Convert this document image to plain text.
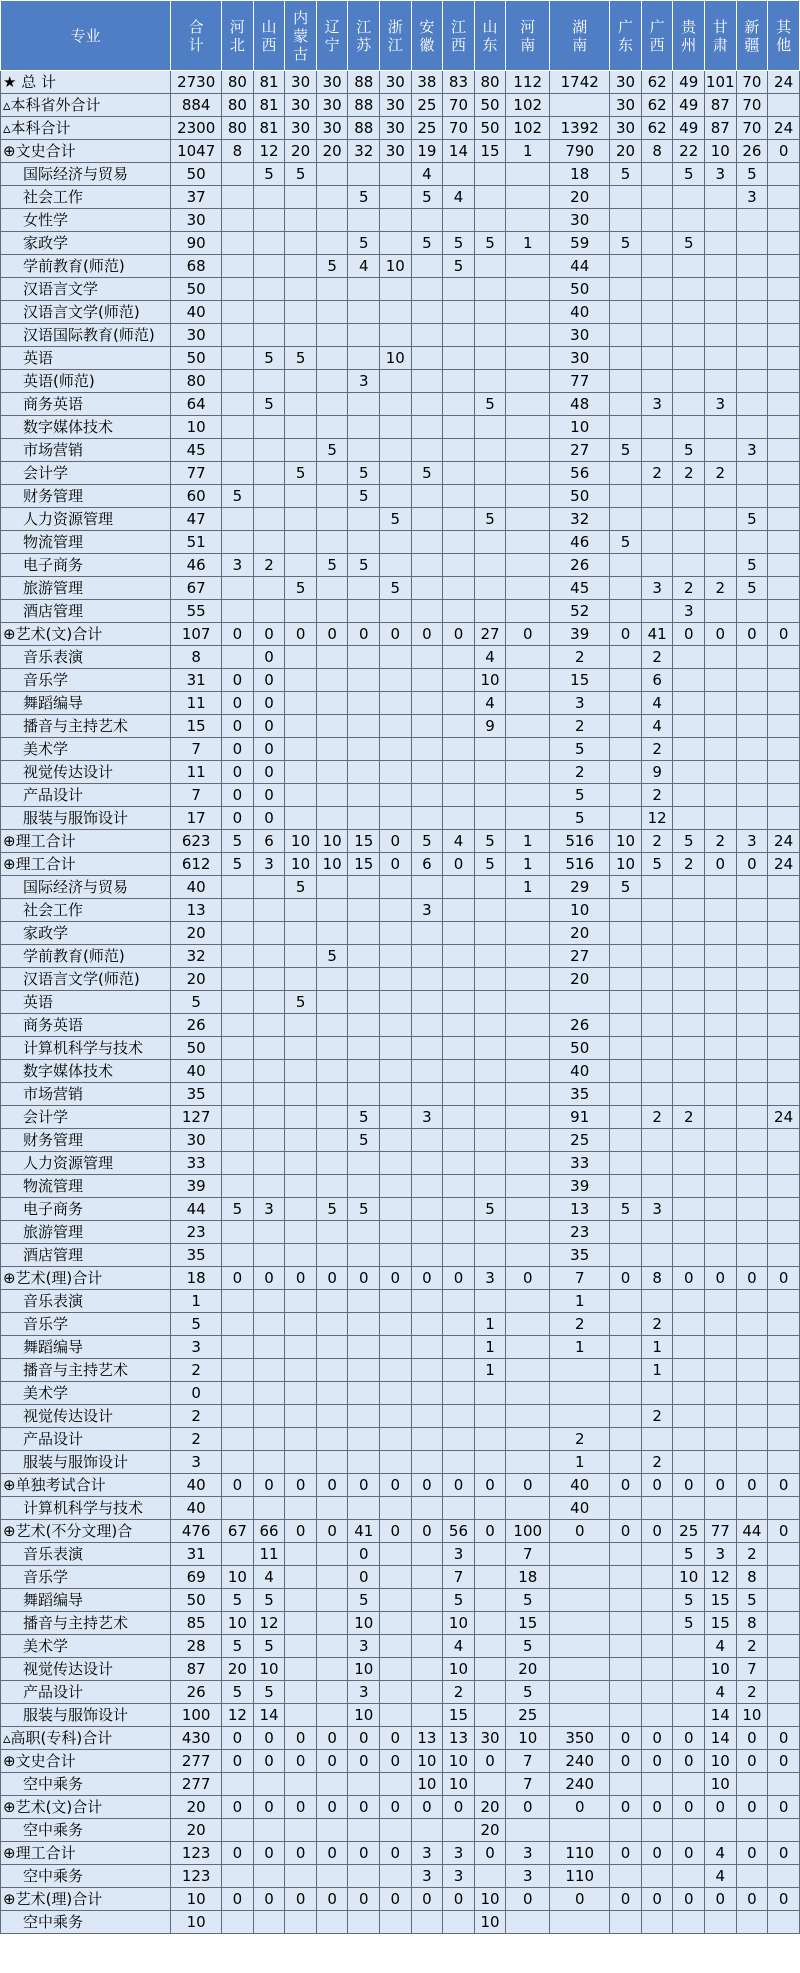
专业	合计	河北	山西	内蒙古	辽宁	江苏	浙江	安徽	江西	山东	河南	湖南	广东	广西	贵州	甘肃	新疆	其他
★ 总 计	2730	80	81	30	30	88	30	38	83	80	112	1742	30	62	49	101	70	24
▵本科省外合计	884	80	81	30	30	88	30	25	70	50	102		30	62	49	87	70	
▵本科合计	2300	80	81	30	30	88	30	25	70	50	102	1392	30	62	49	87	70	24
⊕文史合计	1047	8	12	20	20	32	30	19	14	15	1	790	20	8	22	10	26	0
国际经济与贸易	50		5	5				4				18	5		5	3	5	
社会工作	37					5		5	4			20					3	
女性学	30											30						
家政学	90					5		5	5	5	1	59	5		5			
学前教育(师范)	68				5	4	10		5			44						
汉语言文学	50											50						
汉语言文学(师范)	40											40						
汉语国际教育(师范)	30											30						
英语	50		5	5			10					30						
英语(师范)	80					3						77						
商务英语	64		5							5		48		3		3		
数字媒体技术	10											10						
市场营销	45				5							27	5		5		3	
会计学	77			5		5		5				56		2	2	2		
财务管理	60	5				5						50						
人力资源管理	47						5			5		32					5	
物流管理	51											46	5					
电子商务	46	3	2		5	5						26					5	
旅游管理	67			5			5					45		3	2	2	5	
酒店管理	55											52			3			
⊕艺术(文)合计	107	0	0	0	0	0	0	0	0	27	0	39	0	41	0	0	0	0
音乐表演	8		0							4		2		2				
音乐学	31	0	0							10		15		6				
舞蹈编导	11	0	0							4		3		4				
播音与主持艺术	15	0	0							9		2		4				
美术学	7	0	0									5		2				
视觉传达设计	11	0	0									2		9				
产品设计	7	0	0									5		2				
服装与服饰设计	17	0	0									5		12				
⊕理工合计	623	5	6	10	10	15	0	5	4	5	1	516	10	2	5	2	3	24
⊕理工合计	612	5	3	10	10	15	0	6	0	5	1	516	10	5	2	0	0	24
国际经济与贸易	40			5							1	29	5					
社会工作	13							3				10						
家政学	20											20						
学前教育(师范)	32				5							27						
汉语言文学(师范)	20											20						
英语	5			5														
商务英语	26											26						
计算机科学与技术	50											50						
数字媒体技术	40											40						
市场营销	35											35						
会计学	127					5		3				91		2	2			24
财务管理	30					5						25						
人力资源管理	33											33						
物流管理	39											39						
电子商务	44	5	3		5	5				5		13	5	3				
旅游管理	23											23						
酒店管理	35											35						
⊕艺术(理)合计	18	0	0	0	0	0	0	0	0	3	0	7	0	8	0	0	0	0
音乐表演	1											1						
音乐学	5									1		2		2				
舞蹈编导	3									1		1		1				
播音与主持艺术	2									1				1				
美术学	0																	
视觉传达设计	2													2				
产品设计	2											2						
服装与服饰设计	3											1		2				
⊕单独考试合计	40	0	0	0	0	0	0	0	0	0	0	40	0	0	0	0	0	0
计算机科学与技术	40											40						
⊕艺术(不分文理)合	476	67	66	0	0	41	0	0	56	0	100	0	0	0	25	77	44	0
音乐表演	31		11			0			3		7				5	3	2	
音乐学	69	10	4			0			7		18				10	12	8	
舞蹈编导	50	5	5			5			5		5				5	15	5	
播音与主持艺术	85	10	12			10			10		15				5	15	8	
美术学	28	5	5			3			4		5					4	2	
视觉传达设计	87	20	10			10			10		20					10	7	
产品设计	26	5	5			3			2		5					4	2	
服装与服饰设计	100	12	14			10			15		25					14	10	
▵高职(专科)合计	430	0	0	0	0	0	0	13	13	30	10	350	0	0	0	14	0	0
⊕文史合计	277	0	0	0	0	0	0	10	10	0	7	240	0	0	0	10	0	0
空中乘务	277							10	10		7	240				10		
⊕艺术(文)合计	20	0	0	0	0	0	0	0	0	20	0	0	0	0	0	0	0	0
空中乘务	20									20								
⊕理工合计	123	0	0	0	0	0	0	3	3	0	3	110	0	0	0	4	0	0
空中乘务	123							3	3		3	110				4		
⊕艺术(理)合计	10	0	0	0	0	0	0	0	0	10	0	0	0	0	0	0	0	0
空中乘务	10									10								
